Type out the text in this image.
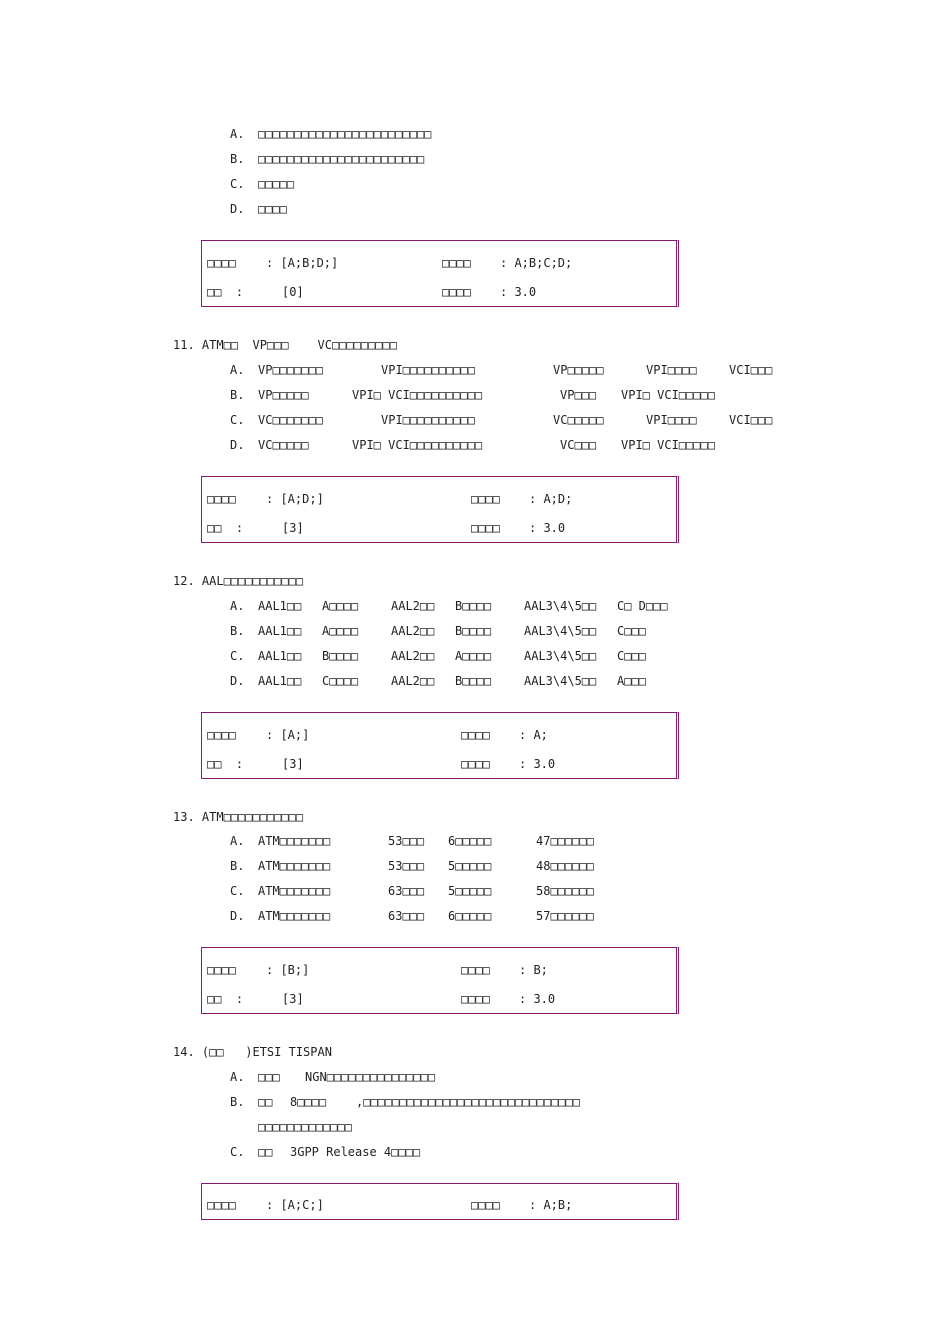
A. □□□□□□□□□□□□□□□□□□□□□□□□
B. □□□□□□□□□□□□□□□□□□□□□□□
C. □□□□□
D. □□□□
□□□□	: [A;B;D;]	□□□□ : A;B;C;D;
□□  :	[0]	□□□□ : 3.0
11. ATM□□  VP□□□    VC□□□□□□□□□
A. VP□□□□□□□	VPI□□□□□□□□□□	VP□□□□□	VPI□□□□	VCI□□□
B. VP□□□□□	VPI□ VCI□□□□□□□□□□	VP□□□ VPI□ VCI□□□□□
C. VC□□□□□□□	VPI□□□□□□□□□□	VC□□□□□	VPI□□□□	VCI□□□
D. VC□□□□□	VPI□ VCI□□□□□□□□□□	VC□□□ VPI□ VCI□□□□□
□□□□	: [A;D;]	□□□□ : A;D;
□□  :	[3]	□□□□ : 3.0
12. AAL□□□□□□□□□□□
A. AAL1□□ A□□□□	AAL2□□ B□□□□	AAL3\4\5□□ C□ D□□□
B. AAL1□□ A□□□□	AAL2□□ B□□□□	AAL3\4\5□□ C□□□
C. AAL1□□ B□□□□	AAL2□□ A□□□□	AAL3\4\5□□ C□□□
D. AAL1□□ C□□□□	AAL2□□ B□□□□	AAL3\4\5□□ A□□□
□□□□	: [A;]	□□□□ : A;
□□  :	[3]	□□□□ : 3.0
13. ATM□□□□□□□□□□□
A. ATM□□□□□□□	53□□□ 6□□□□□	47□□□□□□
B. ATM□□□□□□□	53□□□ 5□□□□□	48□□□□□□
C. ATM□□□□□□□	63□□□ 5□□□□□	58□□□□□□
D. ATM□□□□□□□	63□□□ 6□□□□□	57□□□□□□
□□□□	: [B;]	□□□□ : B;
□□  :	[3]	□□□□ : 3.0
14. (□□   )ETSI TISPAN
A. □□□ NGN□□□□□□□□□□□□□□□
B. □□ 8□□□□ ,□□□□□□□□□□□□□□□□□□□□□□□□□□□□□□
□□□□□□□□□□□□□
C. □□ 3GPP Release 4□□□□
□□□□	: [A;C;]	□□□□ : A;B;
